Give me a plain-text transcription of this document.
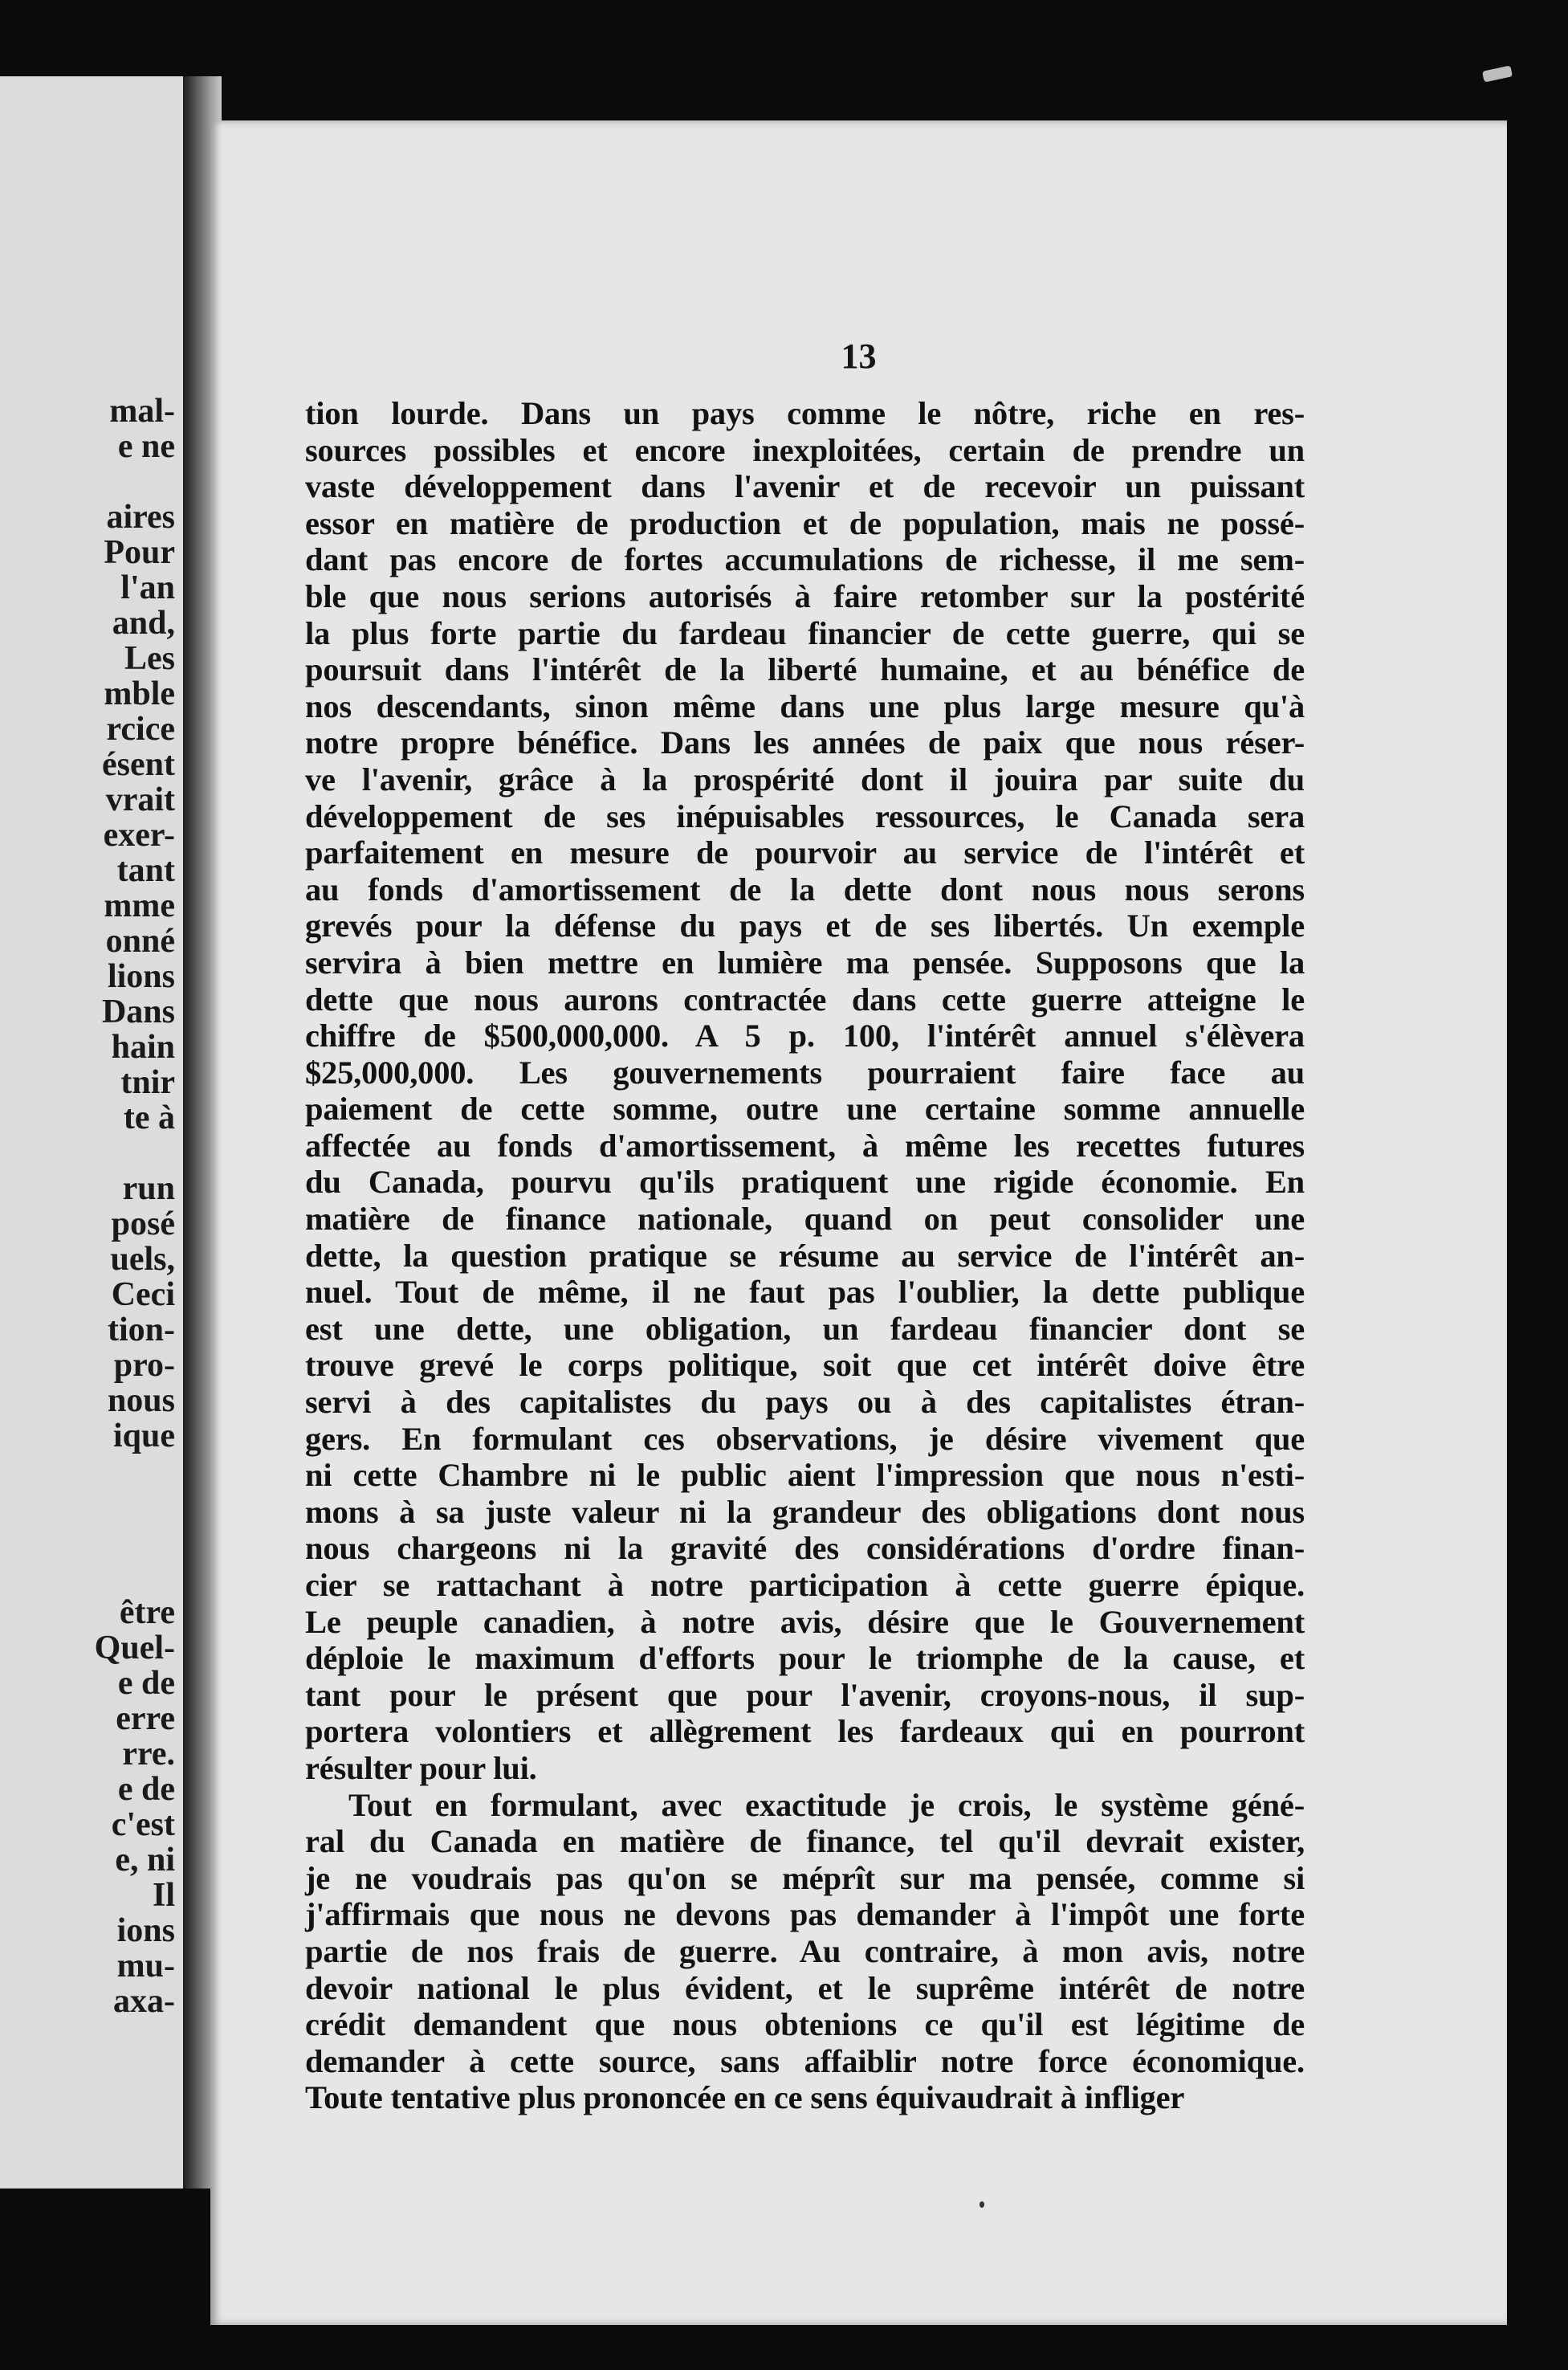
mal-
e ne
aires
Pour
l'an
and,
Les
mble
rcice
ésent
vrait
exer-
tant
mme
onné
lions
Dans
hain
tnir
te à
run
posé
uels,
Ceci
tion-
pro-
nous
ique
être
Quel-
e de
erre
rre.
e de
c'est
e, ni
Il
ions
mu-
axa-
13
tion lourde. Dans un pays comme le nôtre, riche en res-
sources possibles et encore inexploitées, certain de prendre un
vaste développement dans l'avenir et de recevoir un puissant
essor en matière de production et de population, mais ne possé-
dant pas encore de fortes accumulations de richesse, il me sem-
ble que nous serions autorisés à faire retomber sur la postérité
la plus forte partie du fardeau financier de cette guerre, qui se
poursuit dans l'intérêt de la liberté humaine, et au bénéfice de
nos descendants, sinon même dans une plus large mesure qu'à
notre propre bénéfice. Dans les années de paix que nous réser-
ve l'avenir, grâce à la prospérité dont il jouira par suite du
développement de ses inépuisables ressources, le Canada sera
parfaitement en mesure de pourvoir au service de l'intérêt et
au fonds d'amortissement de la dette dont nous nous serons
grevés pour la défense du pays et de ses libertés. Un exemple
servira à bien mettre en lumière ma pensée. Supposons que la
dette que nous aurons contractée dans cette guerre atteigne le
chiffre de $500,000,000. A 5 p. 100, l'intérêt annuel s'élèvera
$25,000,000. Les gouvernements pourraient faire face au
paiement de cette somme, outre une certaine somme annuelle
affectée au fonds d'amortissement, à même les recettes futures
du Canada, pourvu qu'ils pratiquent une rigide économie. En
matière de finance nationale, quand on peut consolider une
dette, la question pratique se résume au service de l'intérêt an-
nuel. Tout de même, il ne faut pas l'oublier, la dette publique
est une dette, une obligation, un fardeau financier dont se
trouve grevé le corps politique, soit que cet intérêt doive être
servi à des capitalistes du pays ou à des capitalistes étran-
gers. En formulant ces observations, je désire vivement que
ni cette Chambre ni le public aient l'impression que nous n'esti-
mons à sa juste valeur ni la grandeur des obligations dont nous
nous chargeons ni la gravité des considérations d'ordre finan-
cier se rattachant à notre participation à cette guerre épique.
Le peuple canadien, à notre avis, désire que le Gouvernement
déploie le maximum d'efforts pour le triomphe de la cause, et
tant pour le présent que pour l'avenir, croyons-nous, il sup-
portera volontiers et allègrement les fardeaux qui en pourront
résulter pour lui.
Tout en formulant, avec exactitude je crois, le système géné-
ral du Canada en matière de finance, tel qu'il devrait exister,
je ne voudrais pas qu'on se méprît sur ma pensée, comme si
j'affirmais que nous ne devons pas demander à l'impôt une forte
partie de nos frais de guerre. Au contraire, à mon avis, notre
devoir national le plus évident, et le suprême intérêt de notre
crédit demandent que nous obtenions ce qu'il est légitime de
demander à cette source, sans affaiblir notre force économique.
Toute tentative plus prononcée en ce sens équivaudrait à infliger
